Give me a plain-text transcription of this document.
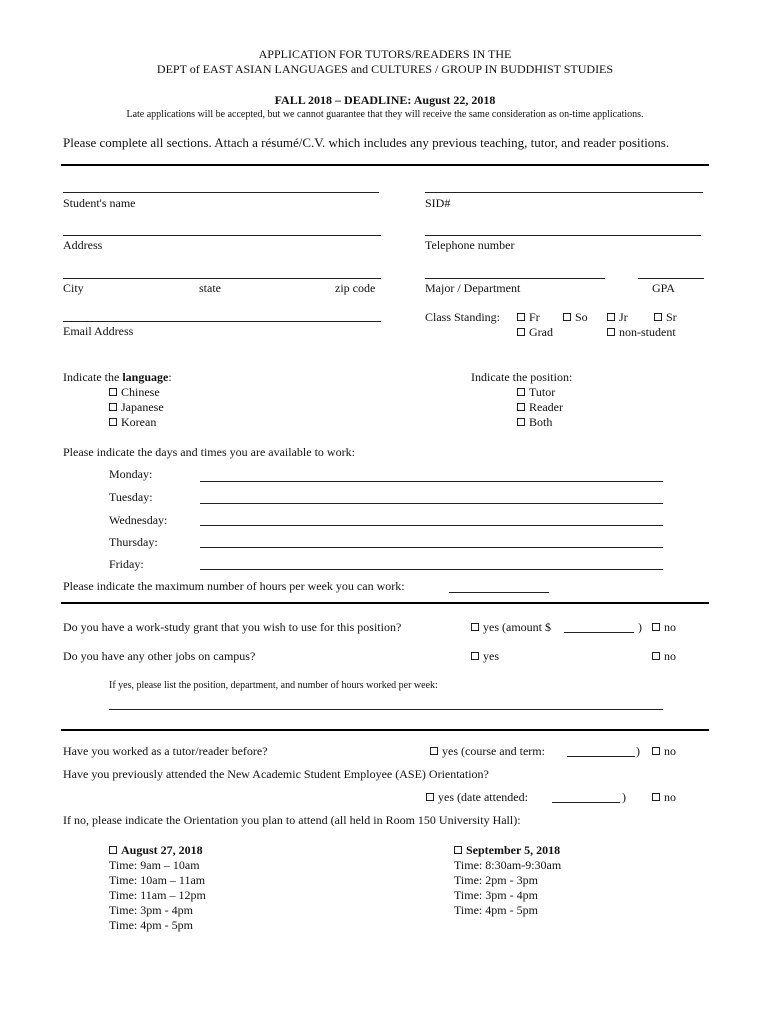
APPLICATION FOR TUTORS/READERS IN THE
DEPT of EAST ASIAN LANGUAGES and CULTURES / GROUP IN BUDDHIST STUDIES
FALL 2018 – DEADLINE: August 22, 2018
Late applications will be accepted, but we cannot guarantee that they will receive the same consideration as on-time applications.
Please complete all sections. Attach a résumé/C.V. which includes any previous teaching, tutor, and reader positions.
Student's name	SID#
Address	Telephone number
City	state	zip code	Major / Department	GPA
Email Address
Class Standing:	Fr	So	Jr	Sr
Grad	non-student
Indicate the language:
Chinese
Japanese
Korean
Indicate the position:
Tutor
Reader
Both
Please indicate the days and times you are available to work:
Monday:
Tuesday:
Wednesday:
Thursday:
Friday:
Please indicate the maximum number of hours per week you can work:
Do you have a work-study grant that you wish to use for this position?	yes (amount $	)	no
Do you have any other jobs on campus?	yes	no
If yes, please list the position, department, and number of hours worked per week:
Have you worked as a tutor/reader before?	yes (course and term:	)	no
Have you previously attended the New Academic Student Employee (ASE) Orientation?
yes (date attended:	)	no
If no, please indicate the Orientation you plan to attend (all held in Room 150 University Hall):
August 27, 2018
Time: 9am – 10am
Time: 10am – 11am
Time: 11am – 12pm
Time: 3pm - 4pm
Time: 4pm - 5pm
September 5, 2018
Time: 8:30am-9:30am
Time: 2pm - 3pm
Time: 3pm - 4pm
Time: 4pm - 5pm
